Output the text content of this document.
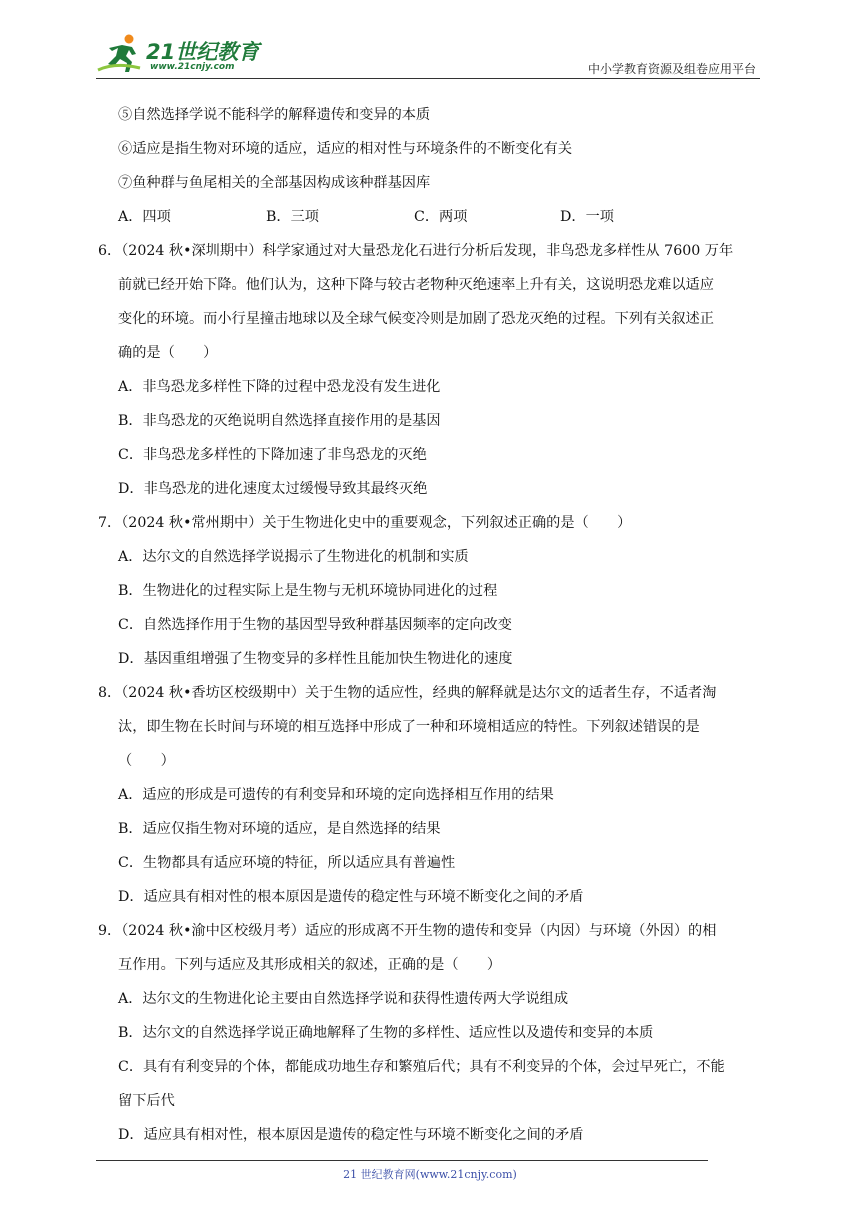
21世纪教育
www.21cnjy.com	中小学教育资源及组卷应用平台
⑤自然选择学说不能科学的解释遗传和变异的本质
⑥适应是指生物对环境的适应，适应的相对性与环境条件的不断变化有关
⑦鱼种群与鱼尾相关的全部基因构成该种群基因库
A．四项	B．三项	C．两项	D．一项
6．（2024 秋•深圳期中）科学家通过对大量恐龙化石进行分析后发现，非鸟恐龙多样性从 7600 万年
前就已经开始下降。他们认为，这种下降与较古老物种灭绝速率上升有关，这说明恐龙难以适应
变化的环境。而小行星撞击地球以及全球气候变冷则是加剧了恐龙灭绝的过程。下列有关叙述正
确的是（　　）
A．非鸟恐龙多样性下降的过程中恐龙没有发生进化
B．非鸟恐龙的灭绝说明自然选择直接作用的是基因
C．非鸟恐龙多样性的下降加速了非鸟恐龙的灭绝
D．非鸟恐龙的进化速度太过缓慢导致其最终灭绝
7．（2024 秋•常州期中）关于生物进化史中的重要观念，下列叙述正确的是（　　）
A．达尔文的自然选择学说揭示了生物进化的机制和实质
B．生物进化的过程实际上是生物与无机环境协同进化的过程
C．自然选择作用于生物的基因型导致种群基因频率的定向改变
D．基因重组增强了生物变异的多样性且能加快生物进化的速度
8．（2024 秋•香坊区校级期中）关于生物的适应性，经典的解释就是达尔文的适者生存，不适者淘
汰，即生物在长时间与环境的相互选择中形成了一种和环境相适应的特性。下列叙述错误的是
（　　）
A．适应的形成是可遗传的有利变异和环境的定向选择相互作用的结果
B．适应仅指生物对环境的适应，是自然选择的结果
C．生物都具有适应环境的特征，所以适应具有普遍性
D．适应具有相对性的根本原因是遗传的稳定性与环境不断变化之间的矛盾
9．（2024 秋•渝中区校级月考）适应的形成离不开生物的遗传和变异（内因）与环境（外因）的相
互作用。下列与适应及其形成相关的叙述，正确的是（　　）
A．达尔文的生物进化论主要由自然选择学说和获得性遗传两大学说组成
B．达尔文的自然选择学说正确地解释了生物的多样性、适应性以及遗传和变异的本质
C．具有有利变异的个体，都能成功地生存和繁殖后代；具有不利变异的个体，会过早死亡，不能
留下后代
D．适应具有相对性，根本原因是遗传的稳定性与环境不断变化之间的矛盾
21 世纪教育网(www.21cnjy.com)
